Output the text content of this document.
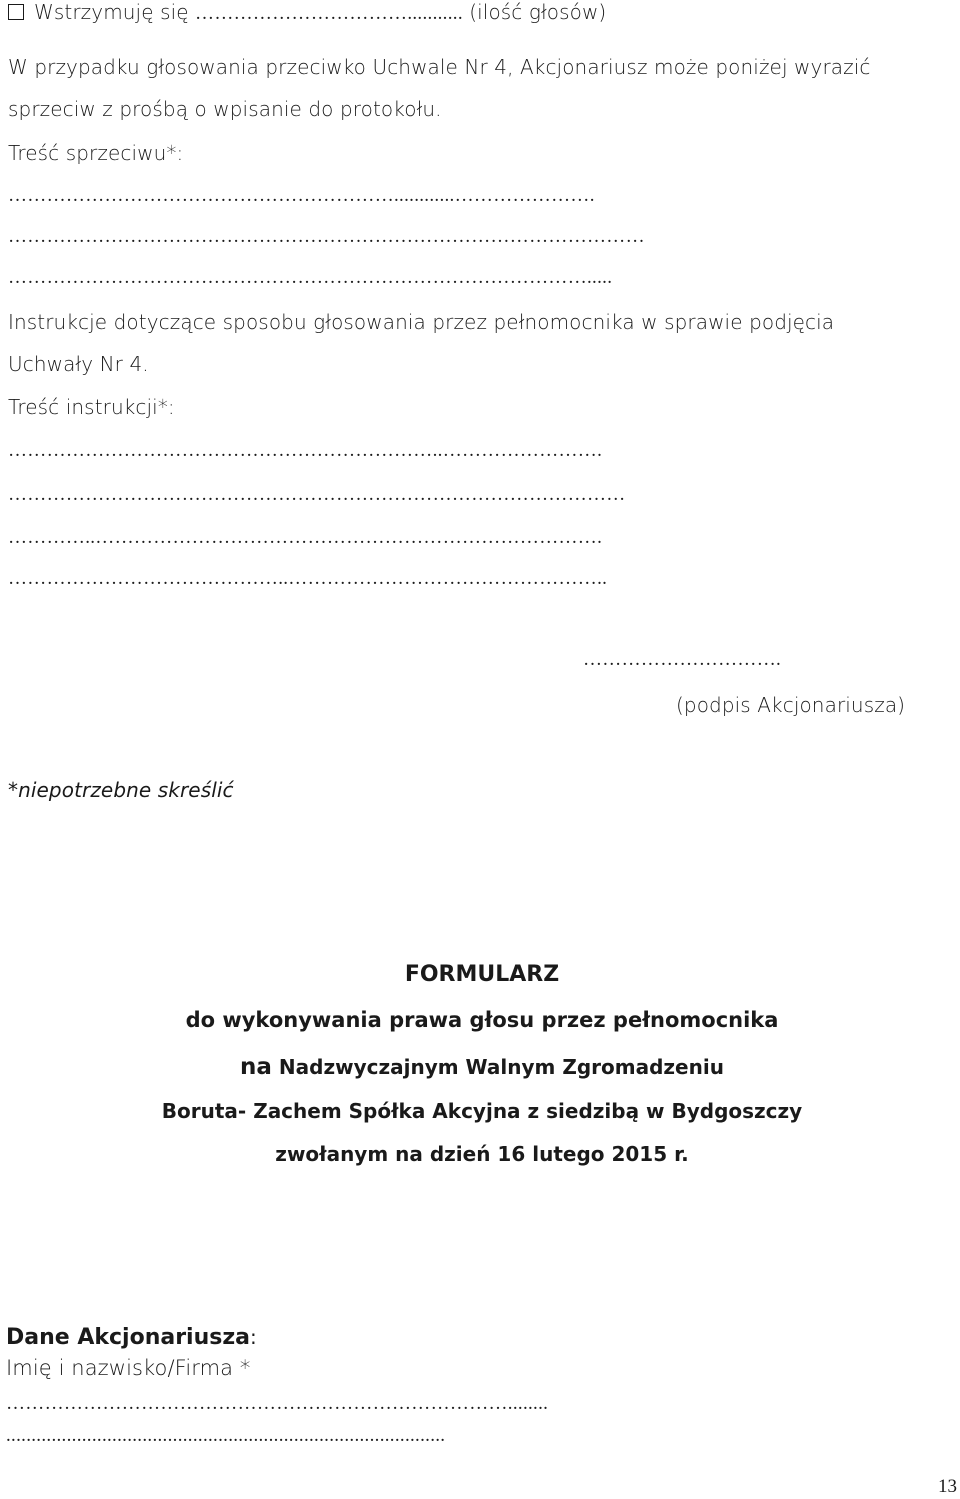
Wstrzymuję się ……………………………........... (ilość głosów)
W przypadku głosowania przeciwko Uchwale Nr 4, Akcjonariusz może poniżej wyrazić
sprzeciw z prośbą o wpisanie do protokołu.
Treść sprzeciwu*:
……………………………………………………............………………….
………………………………………………………………………………………
……………………………………………………………………………….....
Instrukcje dotyczące sposobu głosowania przez pełnomocnika w sprawie podjęcia
Uchwały Nr 4.
Treść instrukcji*:
…………………………………………………………..…………………….
……………………………………………………………………………………
…………..…………………………………………………………………….
……………………………………..…………………………………………..
………………………….
(podpis Akcjonariusza)
*niepotrzebne skreślić
FORMULARZ
do wykonywania prawa głosu przez pełnomocnika
na Nadzwyczajnym Walnym Zgromadzeniu
Boruta- Zachem Spółka Akcyjna z siedzibą w Bydgoszczy
zwołanym na dzień 16 lutego 2015 r.
Dane Akcjonariusza:
Imię i nazwisko/Firma *
……………………………………………………………………........
.......................................................................................
13
